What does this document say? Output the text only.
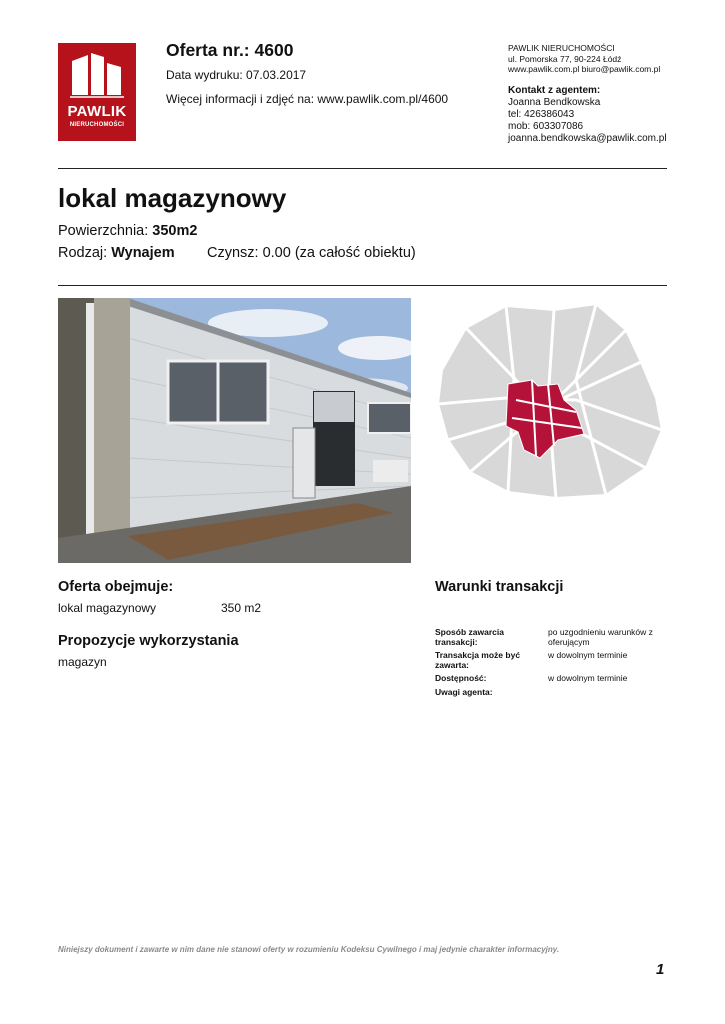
PAWLIK
NIERUCHOMOŚCI
Oferta nr.: 4600
Data wydruku: 07.03.2017
Więcej informacji i zdjęć na: www.pawlik.com.pl/4600
PAWLIK NIERUCHOMOŚCI
ul. Pomorska 77, 90-224 Łódź
www.pawlik.com.pl biuro@pawlik.com.pl
Kontakt z agentem:
Joanna Bendkowska
tel: 426386043
mob: 603307086
joanna.bendkowska@pawlik.com.pl
lokal magazynowy
Powierzchnia: 350m2
Rodzaj: Wynajem Czynsz: 0.00 (za całość obiektu)
Oferta obejmuje:
lokal magazynowy	350 m2
Propozycje wykorzystania
magazyn
Warunki transakcji
Sposób zawarcia transakcji:
po uzgodnieniu warunków z oferującym
Transakcja może być zawarta:
w dowolnym terminie
Dostępność:	w dowolnym terminie
Uwagi agenta:
Niniejszy dokument i zawarte w nim dane nie stanowi oferty w rozumieniu Kodeksu Cywilnego i maj jedynie charakter informacyjny.
1
